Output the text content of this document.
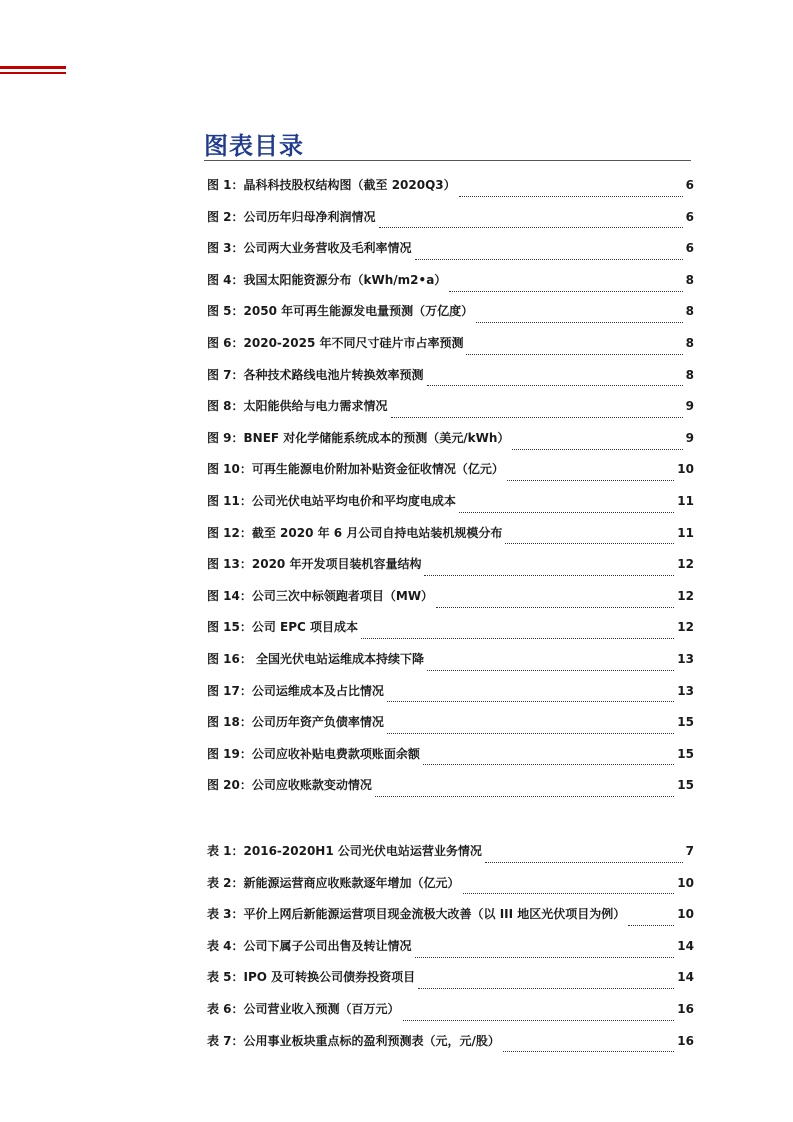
图表目录
图 1：晶科科技股权结构图（截至 2020Q3）	6
图 2：公司历年归母净利润情况	6
图 3：公司两大业务营收及毛利率情况	6
图 4：我国太阳能资源分布（kWh/m2•a）	8
图 5：2050 年可再生能源发电量预测（万亿度）	8
图 6：2020-2025 年不同尺寸硅片市占率预测	8
图 7：各种技术路线电池片转换效率预测	8
图 8：太阳能供给与电力需求情况	9
图 9：BNEF 对化学储能系统成本的预测（美元/kWh）	9
图 10：可再生能源电价附加补贴资金征收情况（亿元）	10
图 11：公司光伏电站平均电价和平均度电成本	11
图 12：截至 2020 年 6 月公司自持电站装机规模分布	11
图 13：2020 年开发项目装机容量结构	12
图 14：公司三次中标领跑者项目（MW）	12
图 15：公司 EPC 项目成本	12
图 16： 全国光伏电站运维成本持续下降	13
图 17：公司运维成本及占比情况	13
图 18：公司历年资产负债率情况	15
图 19：公司应收补贴电费款项账面余额	15
图 20：公司应收账款变动情况	15
表 1：2016-2020H1 公司光伏电站运营业务情况	7
表 2：新能源运营商应收账款逐年增加（亿元）	10
表 3：平价上网后新能源运营项目现金流极大改善（以 III 地区光伏项目为例）	10
表 4：公司下属子公司出售及转让情况	14
表 5：IPO 及可转换公司债券投资项目	14
表 6：公司营业收入预测（百万元）	16
表 7：公用事业板块重点标的盈利预测表（元，元/股）	16
